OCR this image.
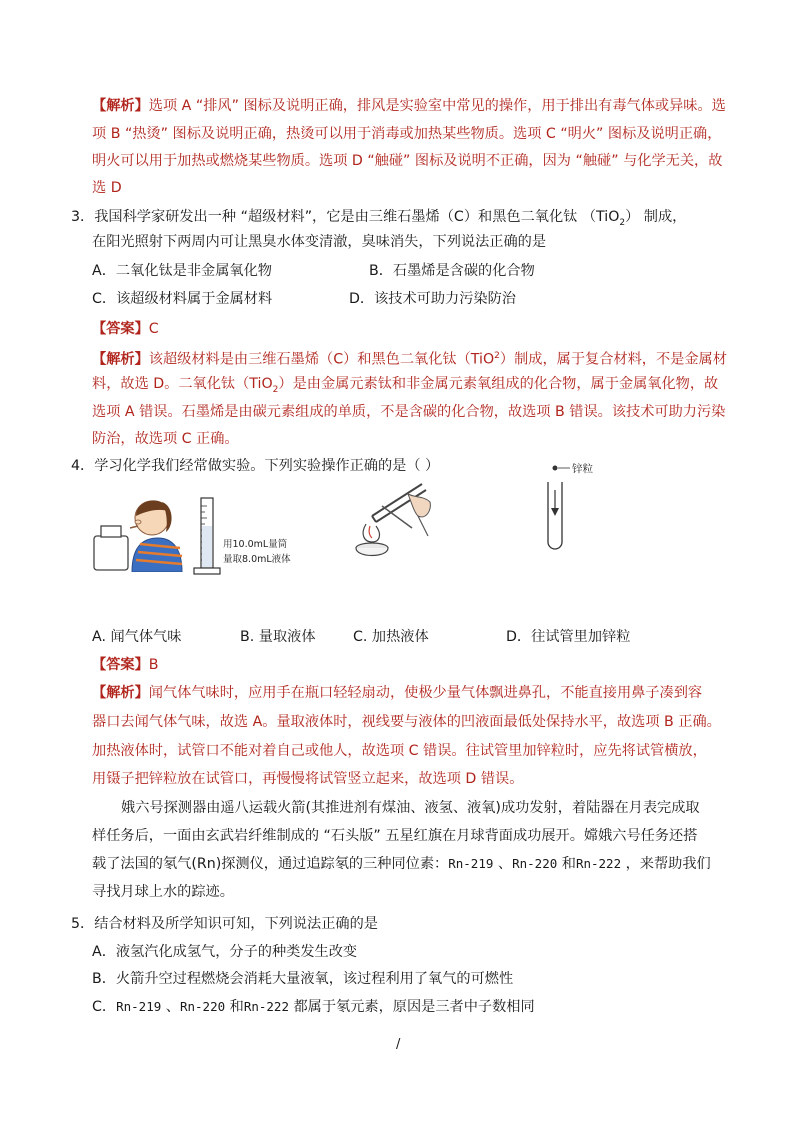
【解析】选项 A “排风” 图标及说明正确，排风是实验室中常见的操作，用于排出有毒气体或异味。选
项 B “热烫” 图标及说明正确，热烫可以用于消毒或加热某些物质。选项 C “明火” 图标及说明正确，
明火可以用于加热或燃烧某些物质。选项 D “触碰” 图标及说明不正确，因为 “触碰” 与化学无关，故
选 D
3．我国科学家研发出一种 “超级材料”，它是由三维石墨烯（C）和黑色二氧化钛 （TiO$_2$） 制成，
在阳光照射下两周内可让黑臭水体变清澈，臭味消失，下列说法正确的是
A．二氧化钛是非金属氧化物	B．石墨烯是含碳的化合物
C．该超级材料属于金属材料	D．该技术可助力污染防治
【答案】C
【解析】该超级材料是由三维石墨烯（C）和黑色二氧化钛（TiO$^2$）制成，属于复合材料，不是金属材
料，故选 D。二氧化钛（TiO$_2$）是由金属元素钛和非金属元素氧组成的化合物，属于金属氧化物，故
选项 A 错误。石墨烯是由碳元素组成的单质，不是含碳的化合物，故选项 B 错误。该技术可助力污染
防治，故选项 C 正确。
4．学习化学我们经常做实验。下列实验操作正确的是（ ）
用10.0mL量筒
量取8.0mL液体
锌粒
A. 闻气体气味	B. 量取液体	C. 加热液体	D．往试管里加锌粒
【答案】B
【解析】闻气体气味时，应用手在瓶口轻轻扇动，使极少量气体飘进鼻孔，不能直接用鼻子凑到容
器口去闻气体气味，故选 A。量取液体时，视线要与液体的凹液面最低处保持水平，故选项 B 正确。
加热液体时，试管口不能对着自己或他人，故选项 C 错误。往试管里加锌粒时，应先将试管横放，
用镊子把锌粒放在试管口，再慢慢将试管竖立起来，故选项 D 错误。
娥六号探测器由遥八运载火箭(其推进剂有煤油、液氢、液氧)成功发射，着陆器在月表完成取
样任务后，一面由玄武岩纤维制成的 “石头版” 五星红旗在月球背面成功展开。嫦娥六号任务还搭
载了法国的氡气(Rn)探测仪，通过追踪氡的三种同位素：Rn-219 、Rn-220 和Rn-222 ，来帮助我们
寻找月球上水的踪迹。
5．结合材料及所学知识可知，下列说法正确的是
A．液氢汽化成氢气，分子的种类发生改变
B．火箭升空过程燃烧会消耗大量液氧，该过程利用了氧气的可燃性
C．Rn-219 、Rn-220 和Rn-222 都属于氡元素，原因是三者中子数相同
/
